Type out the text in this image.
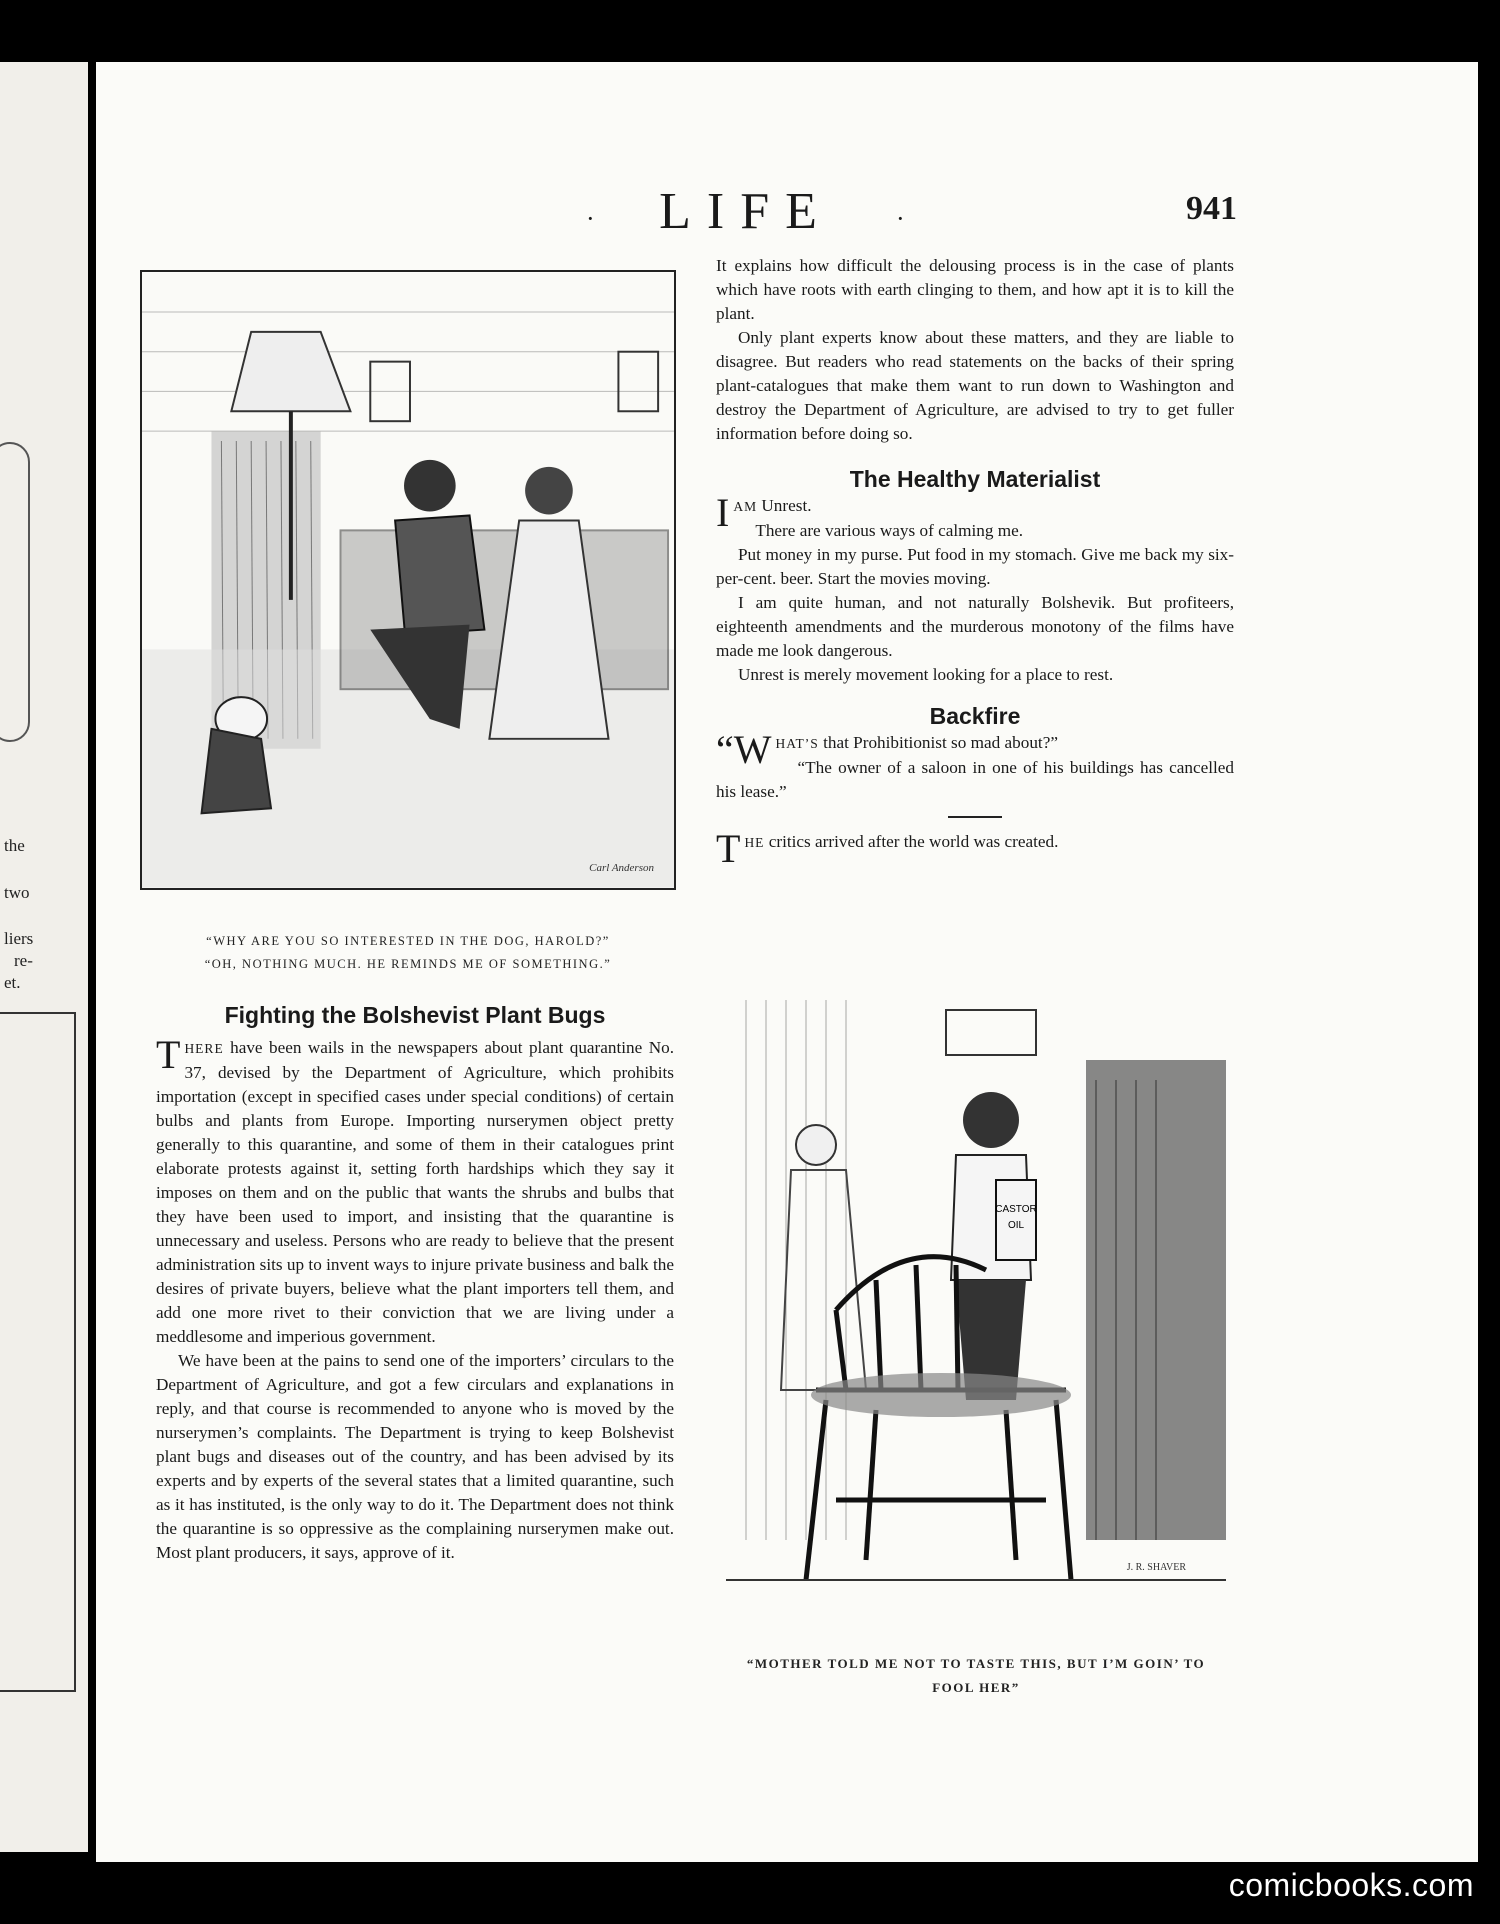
the
two
liers
re-
et.
·	LIFE	·	941
Carl Anderson
“WHY ARE YOU SO INTERESTED IN THE DOG, HAROLD?”
“OH, NOTHING MUCH. HE REMINDS ME OF SOMETHING.”
Fighting the Bolshevist Plant Bugs

THERE have been wails in the newspapers about plant quarantine No. 37, devised by the Department of Agriculture, which prohibits importation (except in specified cases under special conditions) of certain bulbs and plants from Europe. Importing nurserymen object pretty generally to this quarantine, and some of them in their catalogues print elaborate protests against it, setting forth hardships which they say it imposes on them and on the public that wants the shrubs and bulbs that they have been used to import, and insisting that the quarantine is unnecessary and useless. Persons who are ready to believe that the present administration sits up to invent ways to injure private business and balk the desires of private buyers, believe what the plant importers tell them, and add one more rivet to their conviction that we are living under a meddlesome and imperious government.

We have been at the pains to send one of the importers’ circulars to the Department of Agriculture, and got a few circulars and explanations in reply, and that course is recommended to anyone who is moved by the nurserymen’s complaints. The Department is trying to keep Bolshevist plant bugs and diseases out of the country, and has been advised by its experts and by experts of the several states that a limited quarantine, such as it has instituted, is the only way to do it. The Department does not think the quarantine is so oppressive as the complaining nurserymen make out. Most plant producers, it says, approve of it.

It explains how difficult the delousing process is in the case of plants which have roots with earth clinging to them, and how apt it is to kill the plant.

Only plant experts know about these matters, and they are liable to disagree. But readers who read statements on the backs of their spring plant-catalogues that make them want to run down to Washington and destroy the Department of Agriculture, are advised to try to get fuller information before doing so.

The Healthy Materialist

IAM Unrest.

There are various ways of calming me.

Put money in my purse. Put food in my stomach. Give me back my six-per-cent. beer. Start the movies moving.

I am quite human, and not naturally Bolshevik. But profiteers, eighteenth amendments and the murderous monotony of the films have made me look dangerous.

Unrest is merely movement looking for a place to rest.

Backfire

“W HAT’S that Prohibitionist so mad about?”

“The owner of a saloon in one of his buildings has cancelled his lease.”

THE critics arrived after the world was created.

CASTOR
OIL
J. R. SHAVER
“MOTHER TOLD ME NOT TO TASTE THIS, BUT I’M GOIN’ TO
FOOL HER”
comicbooks.com
